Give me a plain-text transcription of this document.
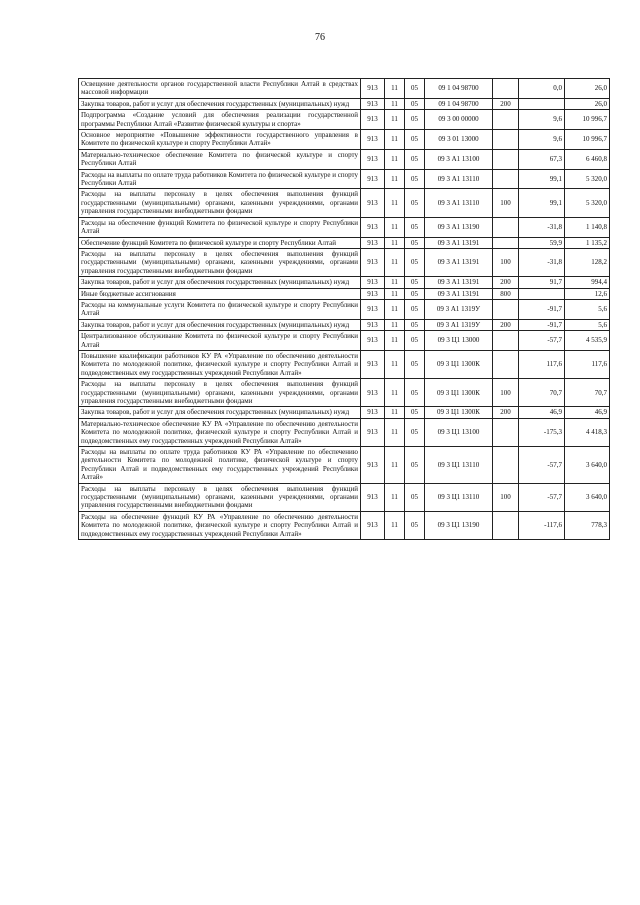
76
Освещение деятельности органов государственной власти Республики Алтай в средствах массовой информации	913	11	05	09 1 04 98700		0,0	26,0
Закупка товаров, работ и услуг для обеспечения государственных (муниципальных) нужд	913	11	05	09 1 04 98700	200		26,0
Подпрограмма «Создание условий для обеспечения реализации государственной программы Республики Алтай «Развитие физической культуры и спорта»	913	11	05	09 3 00 00000		9,6	10 996,7
Основное мероприятие «Повышение эффективности государственного управления в Комитете по физической культуре и спорту Республики Алтай»	913	11	05	09 3 01 13000		9,6	10 996,7
Материально-техническое обеспечение Комитета по физической культуре и спорту Республики Алтай	913	11	05	09 3 А1 13100		67,3	6 460,8
Расходы на выплаты по оплате труда работников Комитета по физической культуре и спорту Республики Алтай	913	11	05	09 3 А1 13110		99,1	5 320,0
Расходы на выплаты персоналу в целях обеспечения выполнения функций государственными (муниципальными) органами, казенными учреждениями, органами управления государственными внебюджетными фондами	913	11	05	09 3 А1 13110	100	99,1	5 320,0
Расходы на обеспечение функций Комитета по физической культуре и спорту Республики Алтай	913	11	05	09 3 А1 13190		-31,8	1 140,8
Обеспечение функций Комитета по физической культуре и спорту Республики Алтай	913	11	05	09 3 А1 13191		59,9	1 135,2
Расходы на выплаты персоналу в целях обеспечения выполнения функций государственными (муниципальными) органами, казенными учреждениями, органами управления государственными внебюджетными фондами	913	11	05	09 3 А1 13191	100	-31,8	128,2
Закупка товаров, работ и услуг для обеспечения государственных (муниципальных) нужд	913	11	05	09 3 А1 13191	200	91,7	994,4
Иные бюджетные ассигнования	913	11	05	09 3 А1 13191	800		12,6
Расходы на коммунальные услуги Комитета по физической культуре и спорту Республики Алтай	913	11	05	09 3 А1 1319У		-91,7	5,6
Закупка товаров, работ и услуг для обеспечения государственных (муниципальных) нужд	913	11	05	09 3 А1 1319У	200	-91,7	5,6
Централизованное обслуживание Комитета по физической культуре и спорту Республики Алтай	913	11	05	09 3 Ц1 13000		-57,7	4 535,9
Повышение квалификации работников КУ РА «Управление по обеспечению деятельности Комитета по молодежной политике, физической культуре и спорту Республики Алтай и подведомственных ему государственных учреждений Республики Алтай»	913	11	05	09 3 Ц1 1300К		117,6	117,6
Расходы на выплаты персоналу в целях обеспечения выполнения функций государственными (муниципальными) органами, казенными учреждениями, органами управления государственными внебюджетными фондами	913	11	05	09 3 Ц1 1300К	100	70,7	70,7
Закупка товаров, работ и услуг для обеспечения государственных (муниципальных) нужд	913	11	05	09 3 Ц1 1300К	200	46,9	46,9
Материально-техническое обеспечение КУ РА «Управление по обеспечению деятельности Комитета по молодежной политике, физической культуре и спорту Республики Алтай и подведомственных ему государственных учреждений Республики Алтай»	913	11	05	09 3 Ц1 13100		-175,3	4 418,3
Расходы на выплаты по оплате труда работников КУ РА «Управление по обеспечению деятельности Комитета по молодежной политике, физической культуре и спорту Республики Алтай и подведомственных ему государственных учреждений Республики Алтай»	913	11	05	09 3 Ц1 13110		-57,7	3 640,0
Расходы на выплаты персоналу в целях обеспечения выполнения функций государственными (муниципальными) органами, казенными учреждениями, органами управления государственными внебюджетными фондами	913	11	05	09 3 Ц1 13110	100	-57,7	3 640,0
Расходы на обеспечение функций КУ РА «Управление по обеспечению деятельности Комитета по молодежной политике, физической культуре и спорту Республики Алтай и подведомственных ему государственных учреждений Республики Алтай»	913	11	05	09 3 Ц1 13190		-117,6	778,3
